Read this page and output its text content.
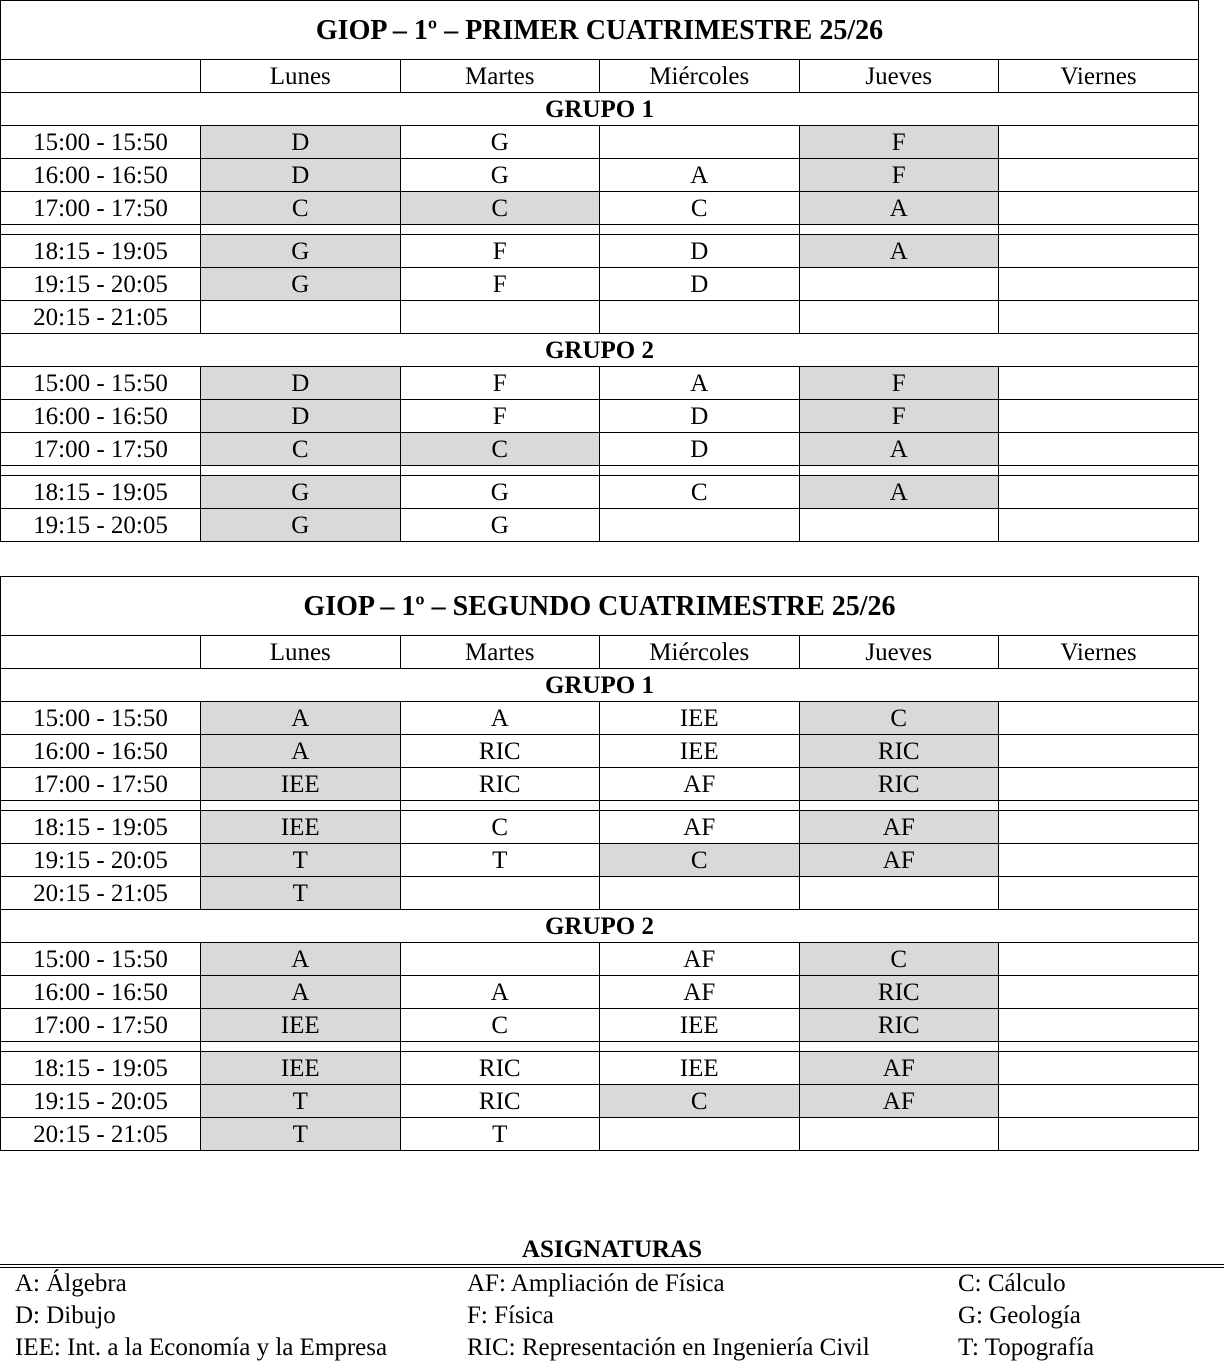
GIOP – 1º – PRIMER CUATRIMESTRE 25/26					
	Lunes	Martes	Miércoles	Jueves	Viernes
GRUPO 1					
15:00 - 15:50	D	G		F	
16:00 - 16:50	D	G	A	F	
17:00 - 17:50	C	C	C	A	

18:15 - 19:05	G	F	D	A	
19:15 - 20:05	G	F	D		
20:15 - 21:05					
GRUPO 2					
15:00 - 15:50	D	F	A	F	
16:00 - 16:50	D	F	D	F	
17:00 - 17:50	C	C	D	A	

18:15 - 19:05	G	G	C	A	
19:15 - 20:05	G	G			
GIOP – 1º – SEGUNDO CUATRIMESTRE 25/26					
	Lunes	Martes	Miércoles	Jueves	Viernes
GRUPO 1					
15:00 - 15:50	A	A	IEE	C	
16:00 - 16:50	A	RIC	IEE	RIC	
17:00 - 17:50	IEE	RIC	AF	RIC	

18:15 - 19:05	IEE	C	AF	AF	
19:15 - 20:05	T	T	C	AF	
20:15 - 21:05	T				
GRUPO 2					
15:00 - 15:50	A		AF	C	
16:00 - 16:50	A	A	AF	RIC	
17:00 - 17:50	IEE	C	IEE	RIC	

18:15 - 19:05	IEE	RIC	IEE	AF	
19:15 - 20:05	T	RIC	C	AF	
20:15 - 21:05	T	T			
ASIGNATURAS
A: Álgebra	AF: Ampliación de Física	C: Cálculo
D: Dibujo	F: Física	G: Geología
IEE: Int. a la Economía y la Empresa	RIC: Representación en Ingeniería Civil	T: Topografía
